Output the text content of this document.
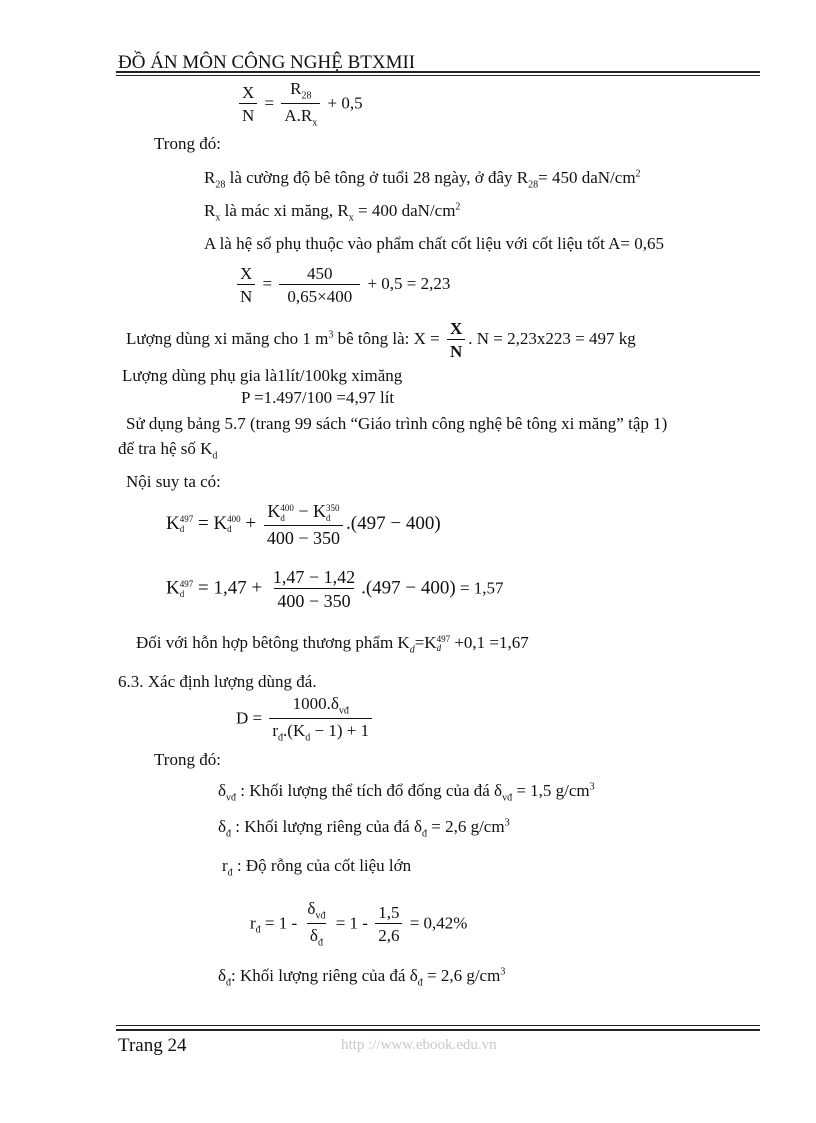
ĐỒ ÁN MÔN CÔNG NGHỆ BTXMII
$\frac{X}{N} = \frac{R_{28}}{A.R_x} + 0,5$
Trong đó:
$R_{28}$ là cường độ bê tông ở tuổi 28 ngày, ở đây $R_{28}= 450$ daN/$cm^2$
$R_x$ là mác xi măng, $R_x = 400$ daN/$cm^2$
A là hệ số phụ thuộc vào phẩm chất cốt liệu với cốt liệu tốt A= 0,65
$\frac{X}{N} = \frac{450}{0,65\times 400} + 0,5 = 2,23$
Lượng dùng xi măng cho 1 $m^3$ bê tông là: $X = \frac{X}{N}$ . N = 2,23x223 = 497 kg
Lượng dùng phụ gia là1lít/100kg ximăng
P =1.497/100 =4,97 lít
Sử dụng bảng 5.7 (trang 99 sách “Giáo trình công nghệ bê tông xi măng” tập 1)
để tra hệ số $K_d$
Nội suy ta có:
K 497
d = K 400
d + K 400
d − K 350
d
400 − 350 .(497 − 400)
K 497
$d = 1,47 + \frac{1,47 - 1,42}{400 - 350} .(497 - 400) = 1,57$
Đối với hỗn hợp bêtông thương phẩm $K_d=K$ 497
d +0,1 =1,67
6.3. Xác định lượng dùng đá.
$D = \frac{1000.\delta_{vđ}}{r_đ.(K_d - 1) + 1}$
Trong đó:
$\delta_{vđ}$ : Khối lượng thể tích đổ đống của đá $\delta_{vđ} = 1,5$ $g/cm^3$
$\delta_đ$ : Khối lượng riêng của đá $\delta_đ = 2,6$ $g/cm^3$
$r_đ$ : Độ rỗng của cốt liệu lớn
$r_đ = 1 - \frac{\delta_{vđ}}{\delta_đ} = 1 - \frac{1,5}{2,6} = 0,42\%$
$\delta_đ$: Khối lượng riêng của đá $\delta_đ = 2,6$ $g/cm^3$
Trang 24	http ://www.ebook.edu.vn
